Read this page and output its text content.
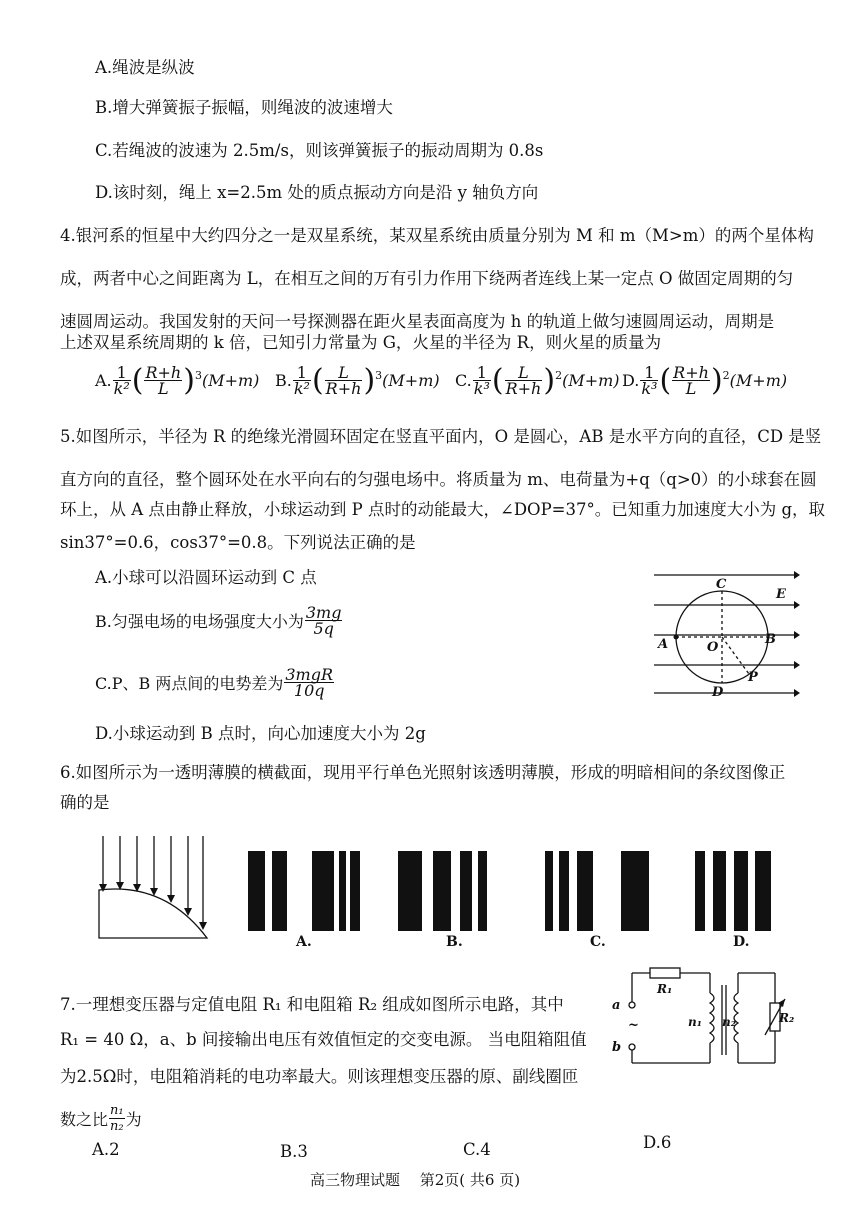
A.绳波是纵波
B.增大弹簧振子振幅，则绳波的波速增大
C.若绳波的波速为 2.5m/s，则该弹簧振子的振动周期为 0.8s
D.该时刻，绳上 x=2.5m 处的质点振动方向是沿 y 轴负方向
4.银河系的恒星中大约四分之一是双星系统，某双星系统由质量分别为 M 和 m（M>m）的两个星体构
成，两者中心之间距离为 L，在相互之间的万有引力作用下绕两者连线上某一定点 O 做固定周期的匀
速圆周运动。我国发射的天问一号探测器在距火星表面高度为 h 的轨道上做匀速圆周运动，周期是
上述双星系统周期的 k 倍，已知引力常量为 G，火星的半径为 R，则火星的质量为
A. $\frac{1}{\text{k²}}$ ( $\frac{R+h}{L} )^3$ (M+m) B. $\frac{1}{\text{k²}}$ ( $\frac{L}{R+h} )^3$ (M+m) C. $\frac{1}{\text{k³}}$ ( $\frac{L}{R+h} )^2$ (M+m) D. $\frac{1}{\text{k³}}$ ( $\frac{R+h}{L} )^2$ (M+m)
5.如图所示，半径为 R 的绝缘光滑圆环固定在竖直平面内，O 是圆心，AB 是水平方向的直径，CD 是竖
直方向的直径，整个圆环处在水平向右的匀强电场中。将质量为 m、电荷量为+q（q>0）的小球套在圆
环上，从 A 点由静止释放，小球运动到 P 点时的动能最大，∠DOP=37°。已知重力加速度大小为 g，取
sin37°=0.6，cos37°=0.8。下列说法正确的是
A.小球可以沿圆环运动到 C 点
B.匀强电场的电场强度大小为 $\frac{3mg}{5q}$
C.P、B 两点间的电势差为 $\frac{\text{3mgR}}{10q}$
D.小球运动到 B 点时，向心加速度大小为 2g
C
E
A	O
B
P
D
6.如图所示为一透明薄膜的横截面，现用平行单色光照射该透明薄膜，形成的明暗相间的条纹图像正
确的是
A.	B.	C.	D.
7.一理想变压器与定值电阻 R₁ 和电阻箱 R₂ 组成如图所示电路，其中
R₁ = 40 Ω，a、b 间接输出电压有效值恒定的交变电源。 当电阻箱阻值
为2.5Ω时，电阻箱消耗的电功率最大。则该理想变压器的原、副线圈匝
数之比 $\frac{\text{n₁}}{\text{n₂}}$ 为
R₁
R₂
a
b
~	n₁ n₂
A.2	B.3	C.4	D.6
高三物理试题　 第2页( 共6 页)
